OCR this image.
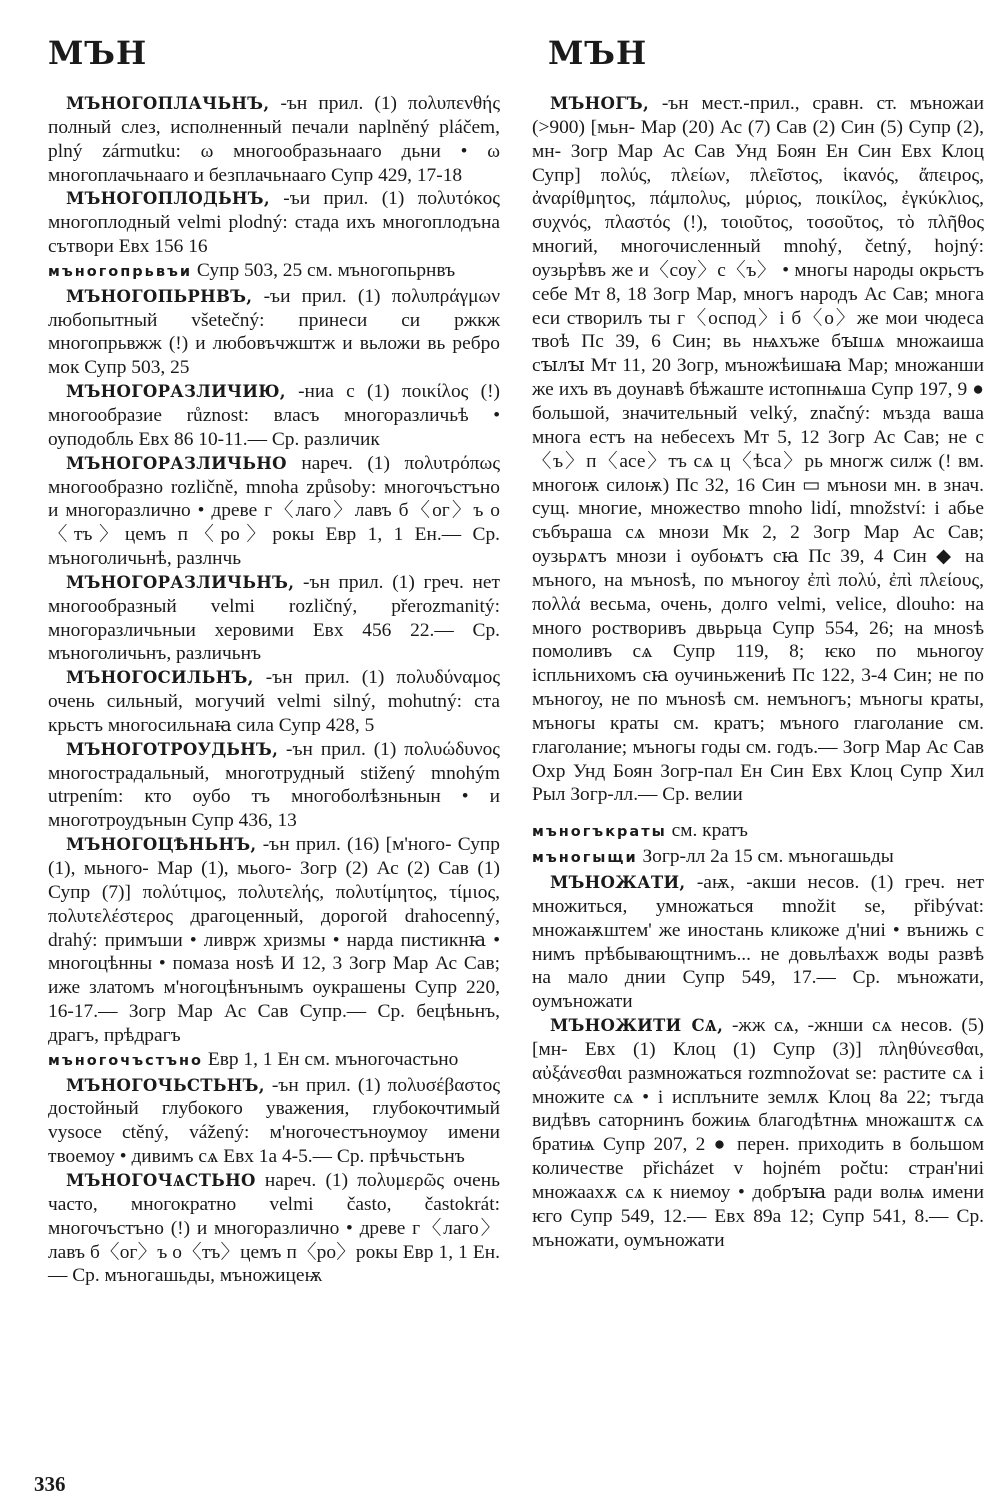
МЪН	МЪН

МЪНОГОПЛАЧЬНЪ, -ън прил. (1) πολυπενθής полный слез, исполненный печали naplněný pláčem, plný zármutku: ω многообразьнааго дьни • ω многоплачьнааго и безплачьнааго Супр 429, 17-18

МЪНОГОПЛОДЬНЪ, -ъи прил. (1) πολυτόκος многоплодный velmi plodný: стада ихъ многоплодъна сътвори Евх 156 16

мъногопрьвъи Супр 503, 25 см. мъногопьрнвъ

МЪНОГОПЬРНВЪ, -ъи прил. (1) πολυπράγμων любопытный všetečný: принеси си ржкж многопрьвжж (!) и любовъчжштж и вьложи вь ребро мок Супр 503, 25

МЪНОГОРАЗЛИЧИЮ, -ниа с (1) ποικίλος (!) многообразие různost: власъ многоразличьѣ • оуподобль Евх 86 10-11.— Ср. различик

МЪНОГОРАЗЛИЧЬНО нареч. (1) πολυτρόπως многообразно rozličně, mnoha způsoby: многочъстъно и многоразлично • древе г〈лаго〉лавъ б〈ог〉ъ о〈тъ〉цемъ п〈ро〉рокы Евр 1, 1 Ен.— Ср. мъноголичьнѣ, разлнчь

МЪНОГОРАЗЛИЧЬНЪ, -ън прил. (1) греч. нет многообразный velmi rozličný, přerozmanitý: многоразличьныи херовими Евх 456 22.— Ср. мъноголичьнъ, различьнъ

МЪНОГОСИЛЬНЪ, -ън прил. (1) πολυδύναμος очень сильный, могучий velmi silný, mohutný: ста крьстъ многосильнаꙗ сила Супр 428, 5

МЪНОГОТРОУДЬНЪ, -ън прил. (1) πολυώδυνος многострадальный, многотрудный stižený mnohým utrpením: кто оубо тъ многоболѣзньнын • и многотроудънын Супр 436, 13

МЪНОГОЦѢНЬНЪ, -ън прил. (16) [м'ного- Супр (1), мьного- Мар (1), мього- Зогр (2) Ас (2) Сав (1) Супр (7)] πολύτιμος, πολυτελής, πολυτίμητος, τίμιος, πολυτελέστερος драгоценный, дорогой drahocenný, drahý: примъши • ливрж хризмы • нарда пистикнꙗ • многоцѣнны • помаза ноѕѣ И 12, 3 Зогр Мар Ас Сав; иже златомъ м'ногоцѣнънымъ оукрашены Супр 220, 16-17.— Зогр Мар Ас Сав Супр.— Ср. бецѣньнъ, драгъ, прѣдрагъ

мъногочъстъно Евр 1, 1 Ен см. мъногочастьно

МЪНОГОЧЬСТЬНЪ, -ън прил. (1) πολυσέβαστος достойный глубокого уважения, глубокочтимый vysoce ctěný, vážený: м'ногочестъноумоу имени твоемоу • дивимъ сѧ Евх 1а 4-5.— Ср. прѣчьстьнъ

МЪНОГОЧѦСТЬНО нареч. (1) πολυμερῶς очень часто, многократно velmi často, častokrát: многочъстъно (!) и многоразлично • древе г〈лаго〉лавъ б〈ог〉ъ о〈тъ〉цемъ п〈ро〉рокы Евр 1, 1 Ен.— Ср. мъногашьды, мъножицеѭ

МЪНОГЪ, -ън мест.-прил., сравн. ст. мъножаи (>900) [мьн- Мар (20) Ас (7) Сав (2) Син (5) Супр (2), мн- Зогр Мар Ас Сав Унд Боян Ен Син Евх Клоц Супр] πολύς, πλείων, πλεῖστος, ἱκανός, ἄπειρος, ἀναρίθμητος, πάμπολυς, μύριος, ποικίλος, ἐγκύκλιος, συχνός, πλαστός (!), τοιοῦτος, τοσοῦτος, τὸ πλῆθος многий, многочисленный mnohý, četný, hojný: оузьрѣвъ же и〈соу〉с〈ъ〉 • многы народы окрьстъ себе Мт 8, 18 Зогр Мар, многъ народъ Ас Сав; многа еси створилъ ты г〈оспод〉і б〈о〉же мои чюдеса твоѣ Пс 39, 6 Син; вь нѩхъже бꙑшѧ множаиша сꙑлꙑ Мт 11, 20 Зогр, мъножѣишаꙗ Мар; множанши же ихъ въ доунавѣ бѣжаште истопнѩша Супр 197, 9 ● большой, значительный velký, značný: мъзда ваша многа естъ на небесехъ Мт 5, 12 Зогр Ас Сав; не с〈ъ〉п〈асе〉тъ сѧ ц〈ѣса〉рь многж силж (! вм. многоѭ силоѭ) Пс 32, 16 Син ▭ мъноѕи мн. в знач. сущ. многие, множество mnoho lidí, množství: і абье събъраша сѧ мнози Мк 2, 2 Зогр Мар Ас Сав; оузьрѧтъ мнози і оубоѩтъ сꙗ Пс 39, 4 Син ◆ на мъного, на мъноѕѣ, по мъногоу ἐπὶ πολύ, ἐπὶ πλείους, πολλά весьма, очень, долго velmi, velice, dlouho: на много ростворивъ двьрьца Супр 554, 26; на мноѕѣ помоливъ сѧ Супр 119, 8; ѥко по мьногоу іспльнихомъ сꙗ оучиньжениѣ Пс 122, 3-4 Син; не по мъногоу, не по мъноѕѣ см. немъногъ; мъногы краты, мъногы краты см. кратъ; мъного глаголание см. глаголание; мъногы годы см. годъ.— Зогр Мар Ас Сав Охр Унд Боян Зогр-пал Ен Син Евх Клоц Супр Хил Рыл Зогр-лл.— Ср. велии

мъногъкраты см. кратъ

мъногыщи Зогр-лл 2а 15 см. мъногашьды

МЪНОЖАТИ, -аѭ, -акши несов. (1) греч. нет множиться, умножаться množit se, přibývat: множаѭштем' же иностань кликоже д'ниі • вънижь с нимъ прѣбывающтнимъ... не довьлѣахж воды развѣ на мало днии Супр 549, 17.— Ср. мъножати, оумъножати

МЪНОЖИТИ СѦ, -жж сѧ, -жнши сѧ несов. (5) [мн- Евх (1) Клоц (1) Супр (3)] πληθύνεσθαι, αὐξάνεσθαι размножаться rozmnožovat se: растите сѧ і множите сѧ • і исплъните землѫ Клоц 8а 22; тъгда видѣвъ саторнинъ божиѩ благодѣтнѩ множаштѫ сѧ братиѩ Супр 207, 2 ● перен. приходить в большом количестве přicházet v hojném počtu: стран'ниі множаахѫ сѧ к ниемоу • добрꙑꙗ ради волѩ имени ѥго Супр 549, 12.— Евх 89а 12; Супр 541, 8.— Ср. мъножати, оумъножати

336
